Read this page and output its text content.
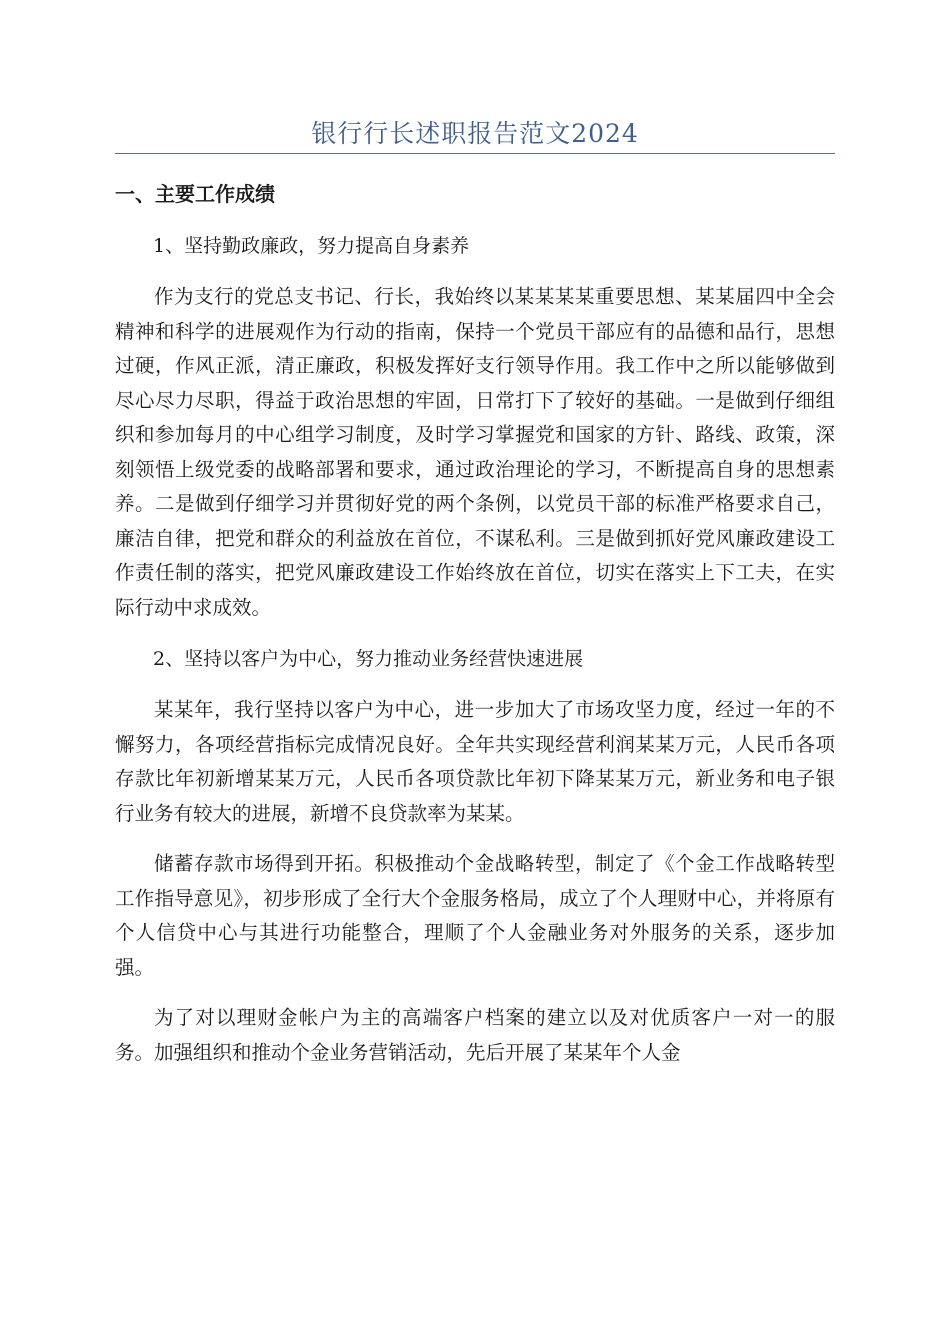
银行行长述职报告范文2024
一、主要工作成绩
1、坚持勤政廉政，努力提高自身素养
作为支行的党总支书记、行长，我始终以某某某某重要思想、某某届四中全会精神和科学的进展观作为行动的指南，保持一个党员干部应有的品德和品行，思想过硬，作风正派，清正廉政，积极发挥好支行领导作用。我工作中之所以能够做到尽心尽力尽职，得益于政治思想的牢固，日常打下了较好的基础。一是做到仔细组织和参加每月的中心组学习制度，及时学习掌握党和国家的方针、路线、政策，深刻领悟上级党委的战略部署和要求，通过政治理论的学习，不断提高自身的思想素养。二是做到仔细学习并贯彻好党的两个条例，以党员干部的标准严格要求自己，廉洁自律，把党和群众的利益放在首位，不谋私利。三是做到抓好党风廉政建设工作责任制的落实，把党风廉政建设工作始终放在首位，切实在落实上下工夫，在实际行动中求成效。
2、坚持以客户为中心，努力推动业务经营快速进展
某某年，我行坚持以客户为中心，进一步加大了市场攻坚力度，经过一年的不懈努力，各项经营指标完成情况良好。全年共实现经营利润某某万元，人民币各项存款比年初新增某某万元，人民币各项贷款比年初下降某某万元，新业务和电子银行业务有较大的进展，新增不良贷款率为某某。
储蓄存款市场得到开拓。积极推动个金战略转型，制定了《个金工作战略转型工作指导意见》，初步形成了全行大个金服务格局，成立了个人理财中心，并将原有个人信贷中心与其进行功能整合，理顺了个人金融业务对外服务的关系，逐步加强。
为了对以理财金帐户为主的高端客户档案的建立以及对优质客户一对一的服务。加强组织和推动个金业务营销活动，先后开展了某某年个人金
